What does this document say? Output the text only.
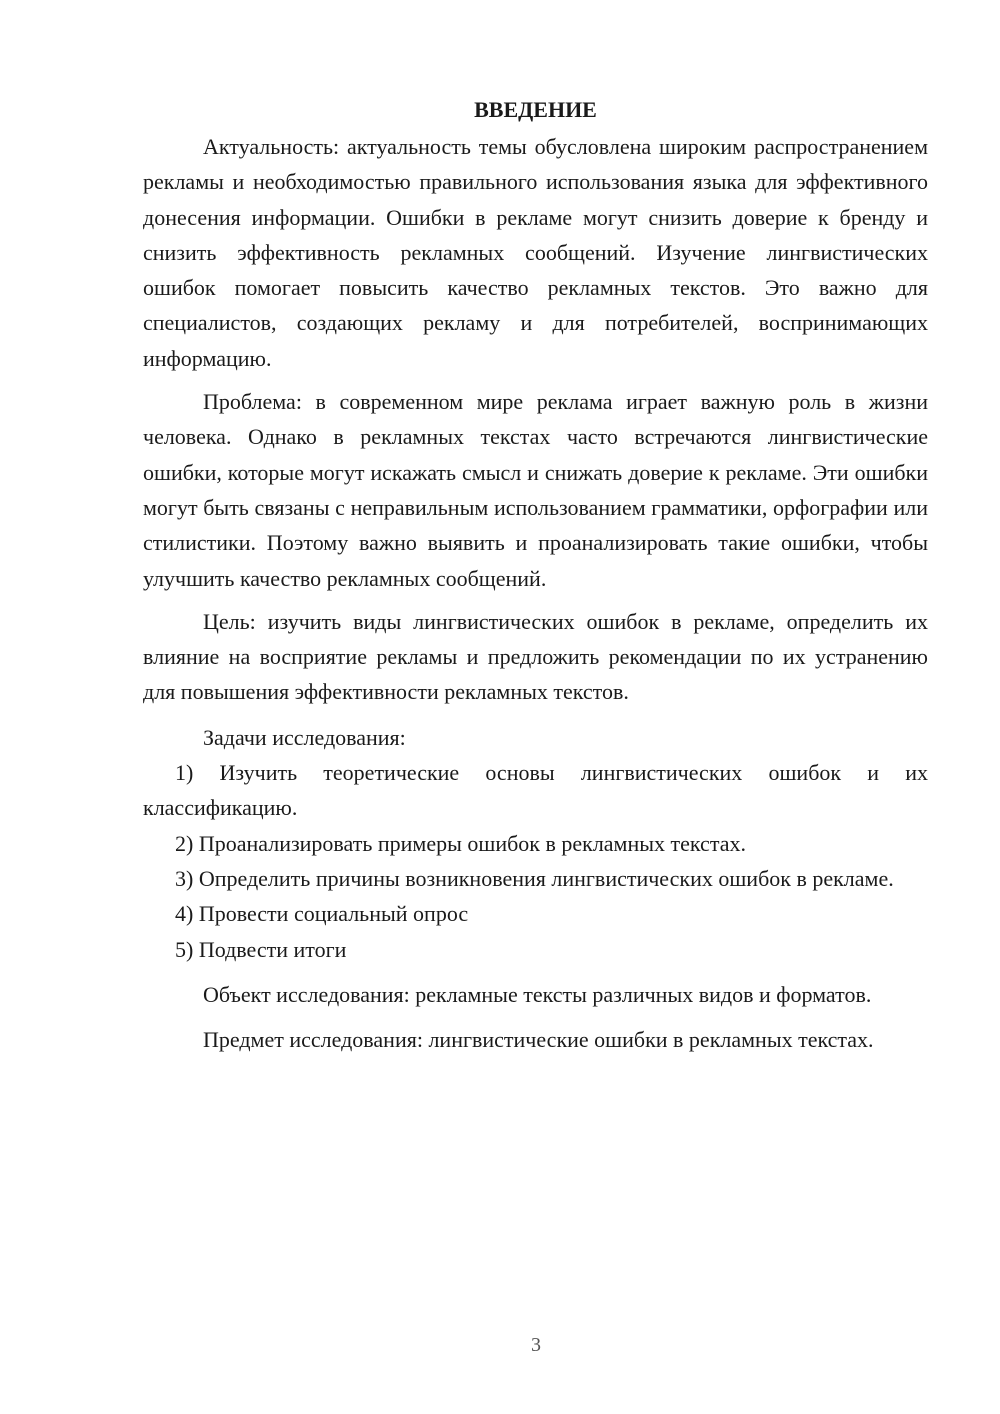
ВВЕДЕНИЕ

Актуальность: актуальность темы обусловлена широким распространением рекламы и необходимостью правильного использования языка для эффективного донесения информации. Ошибки в рекламе могут снизить доверие к бренду и снизить эффективность рекламных сообщений. Изучение лингвистических ошибок помогает повысить качество рекламных текстов. Это важно для специалистов, создающих рекламу и для потребителей, воспринимающих информацию.

Проблема: в современном мире реклама играет важную роль в жизни человека. Однако в рекламных текстах часто встречаются лингвистические ошибки, которые могут искажать смысл и снижать доверие к рекламе. Эти ошибки могут быть связаны с неправильным использованием грамматики, орфографии или стилистики. Поэтому важно выявить и проанализировать такие ошибки, чтобы улучшить качество рекламных сообщений.

Цель: изучить виды лингвистических ошибок в рекламе, определить их влияние на восприятие рекламы и предложить рекомендации по их устранению для повышения эффективности рекламных текстов.

Задачи исследования:

1) Изучить теоретические основы лингвистических ошибок и их классификацию.

2) Проанализировать примеры ошибок в рекламных текстах.

3) Определить причины возникновения лингвистических ошибок в рекламе.

4) Провести социальный опрос

5) Подвести итоги

Объект исследования: рекламные тексты различных видов и форматов.

Предмет исследования: лингвистические ошибки в рекламных текстах.

3
